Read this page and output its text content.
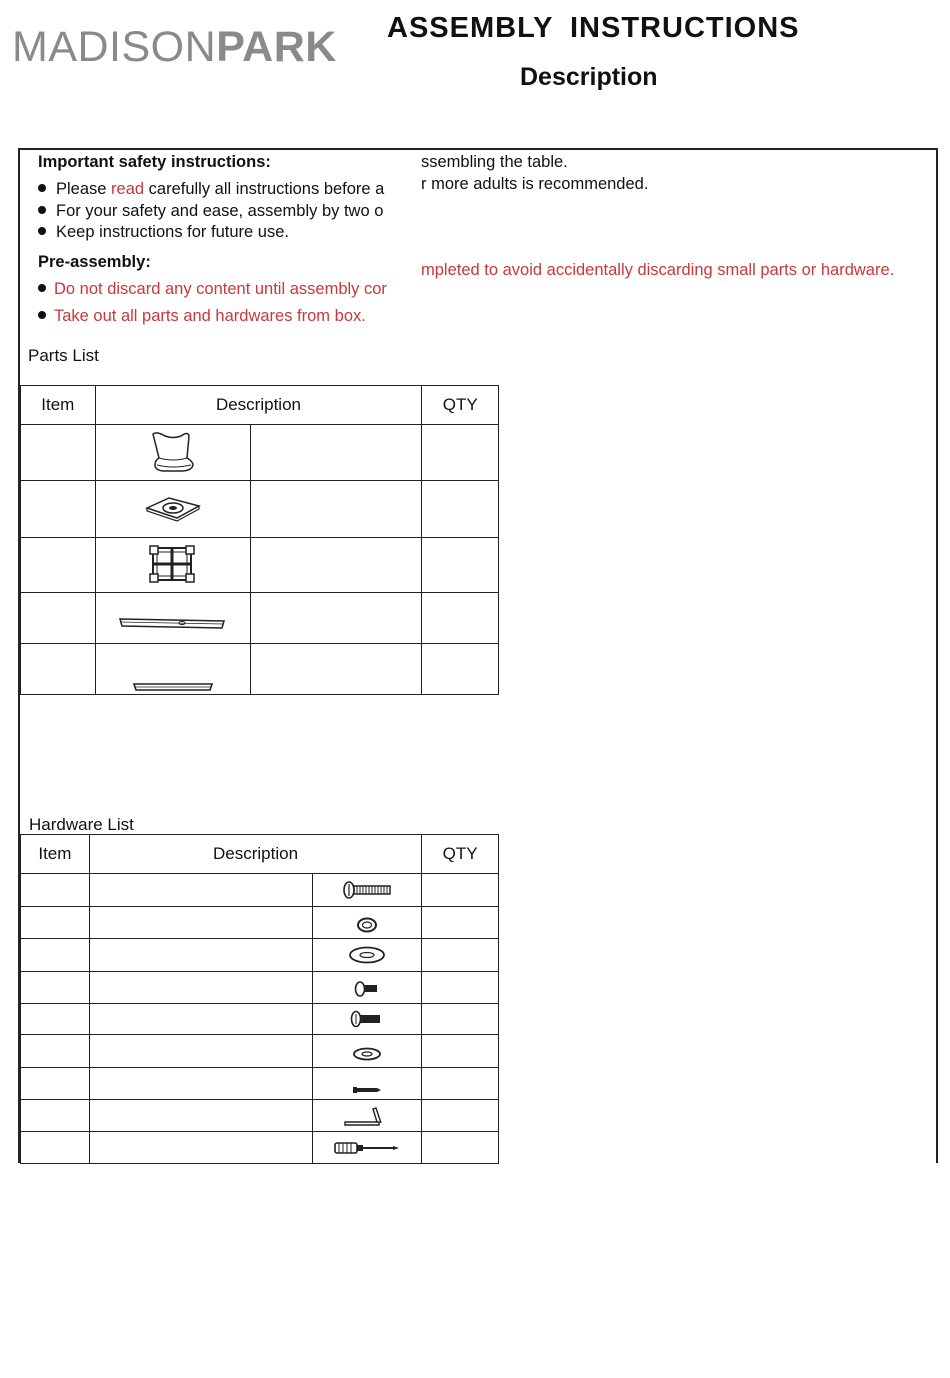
MADISONPARK ASSEMBLY INSTRUCTIONS
Description
Important safety instructions:
Please read carefully all instructions before a
For your safety and ease, assembly by two o
Keep instructions for future use.
Pre-assembly:
Do not discard any content until assembly cor
Take out all parts and hardwares from box.
ssembling the table.
r more adults is recommended.
mpleted to avoid accidentally discarding small parts or hardware.
Parts List
Item	Description		QTY

Hardware List
Item	Description		QTY
